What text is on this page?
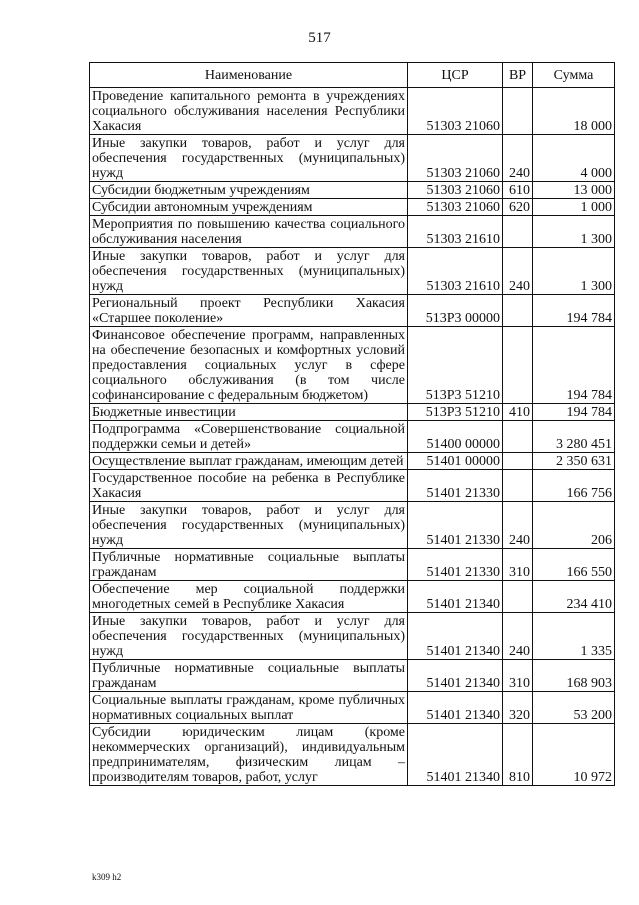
517
Наименование	ЦСР	ВР	Сумма
Проведение капитального ремонта в учреждениях социального обслуживания населения Республики Хакасия	51303 21060		18 000
Иные закупки товаров, работ и услуг для обеспечения государственных (муниципальных) нужд	51303 21060	240	4 000
Субсидии бюджетным учреждениям	51303 21060	610	13 000
Субсидии автономным учреждениям	51303 21060	620	1 000
Мероприятия по повышению качества социального обслуживания населения	51303 21610		1 300
Иные закупки товаров, работ и услуг для обеспечения государственных (муниципальных) нужд	51303 21610	240	1 300
Региональный проект Республики Хакасия «Старшее поколение»	513P3 00000		194 784
Финансовое обеспечение программ, направленных на обеспечение безопасных и комфортных условий предоставления социальных услуг в сфере социального обслуживания (в том числе софинансирование с федеральным бюджетом)	513P3 51210		194 784
Бюджетные инвестиции	513P3 51210	410	194 784
Подпрограмма «Совершенствование социальной поддержки семьи и детей»	51400 00000		3 280 451
Осуществление выплат гражданам, имеющим детей	51401 00000		2 350 631
Государственное пособие на ребенка в Республике Хакасия	51401 21330		166 756
Иные закупки товаров, работ и услуг для обеспечения государственных (муниципальных) нужд	51401 21330	240	206
Публичные нормативные социальные выплаты гражданам	51401 21330	310	166 550
Обеспечение мер социальной поддержки многодетных семей в Республике Хакасия	51401 21340		234 410
Иные закупки товаров, работ и услуг для обеспечения государственных (муниципальных) нужд	51401 21340	240	1 335
Публичные нормативные социальные выплаты гражданам	51401 21340	310	168 903
Социальные выплаты гражданам, кроме публичных нормативных социальных выплат	51401 21340	320	53 200
Субсидии юридическим лицам (кроме некоммерческих организаций), индивидуальным предпринимателям, физическим лицам – производителям товаров, работ, услуг	51401 21340	810	10 972
k309 h2
